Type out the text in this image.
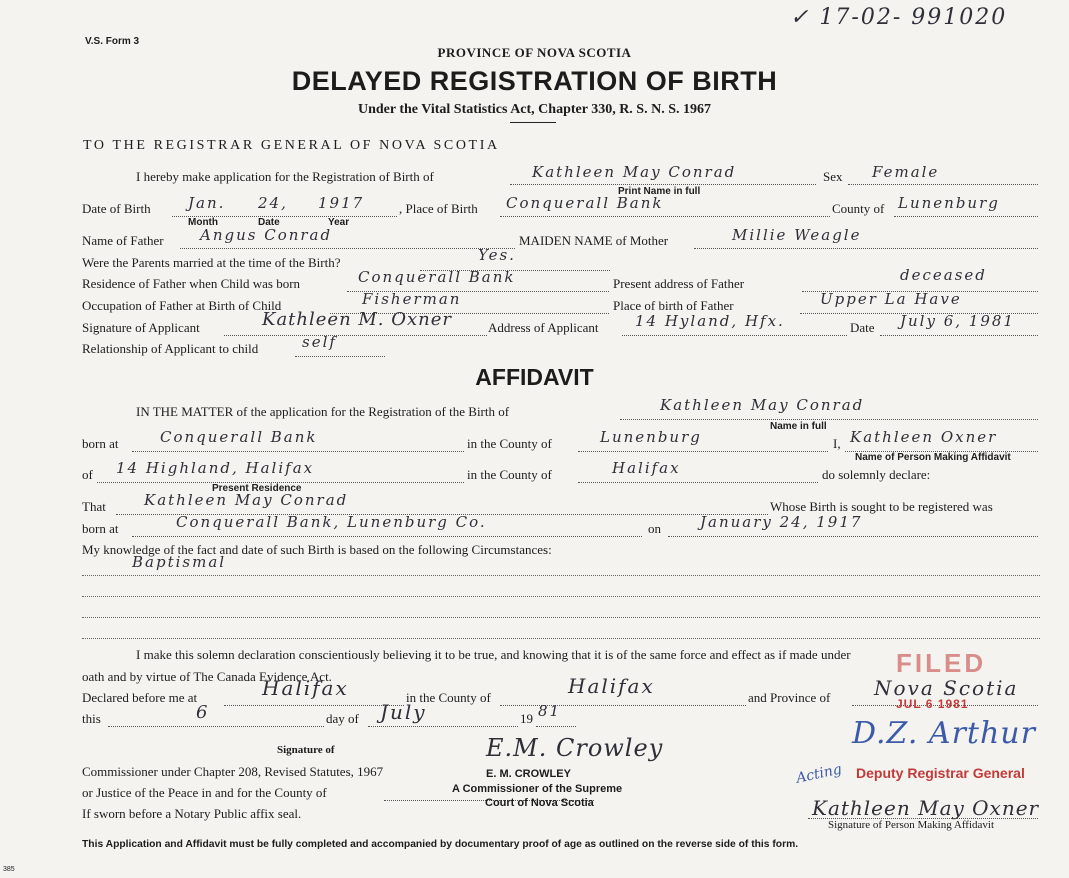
V.S. Form 3
✓ 17-02- 991020
PROVINCE OF NOVA SCOTIA
DELAYED REGISTRATION OF BIRTH
Under the Vital Statistics Act, Chapter 330, R. S. N. S. 1967
TO THE REGISTRAR GENERAL OF NOVA SCOTIA
I hereby make application for the Registration of Birth of	Kathleen May Conrad	Sex Female
Print Name in full
Date of Birth Jan. 24, 1917
Month	Date	Year
, Place of Birth Conquerall Bank	County of Lunenburg
Name of Father Angus Conrad	MAIDEN NAME of Mother	Millie Weagle
Were the Parents married at the time of the Birth?	Yes.
Residence of Father when Child was born	Conquerall Bank	Present address of Father	deceased
Occupation of Father at Birth of Child	Fisherman	Place of birth of Father	Upper La Have
Signature of Applicant	Kathleen M. Oxner	Address of Applicant 14 Hyland, Hfx.	Date July 6, 1981
Relationship of Applicant to child	self
AFFIDAVIT
IN THE MATTER of the application for the Registration of the Birth of	Kathleen May Conrad
Name in full
born at	Conquerall Bank	in the County of	Lunenburg	I, Kathleen Oxner
Name of Person Making Affidavit
of 14 Highland, Halifax
Present Residence
in the County of	Halifax	do solemnly declare:
That	Kathleen May Conrad	Whose Birth is sought to be registered was
born at	Conquerall Bank, Lunenburg Co.	on	January 24, 1917
My knowledge of the fact and date of such Birth is based on the following Circumstances:
Baptismal
I make this solemn declaration conscientiously believing it to be true, and knowing that it is of the same force and effect as if made under
oath and by virtue of The Canada Evidence Act.
Declared before me at	Halifax	in the County of	Halifax	and Province of Nova Scotia
this	6	day of July	19 81
Signature of
Commissioner under Chapter 208, Revised Statutes, 1967
or Justice of the Peace in and for the County of
If sworn before a Notary Public affix seal.
E.M. Crowley
E. M. CROWLEY
A Commissioner of the Supreme
Court of Nova Scotia
FILED
JUL 6 1981
D.Z. Arthur
Acting Deputy Registrar General
Kathleen May Oxner
Signature of Person Making Affidavit
This Application and Affidavit must be fully completed and accompanied by documentary proof of age as outlined on the reverse side of this form.
385
